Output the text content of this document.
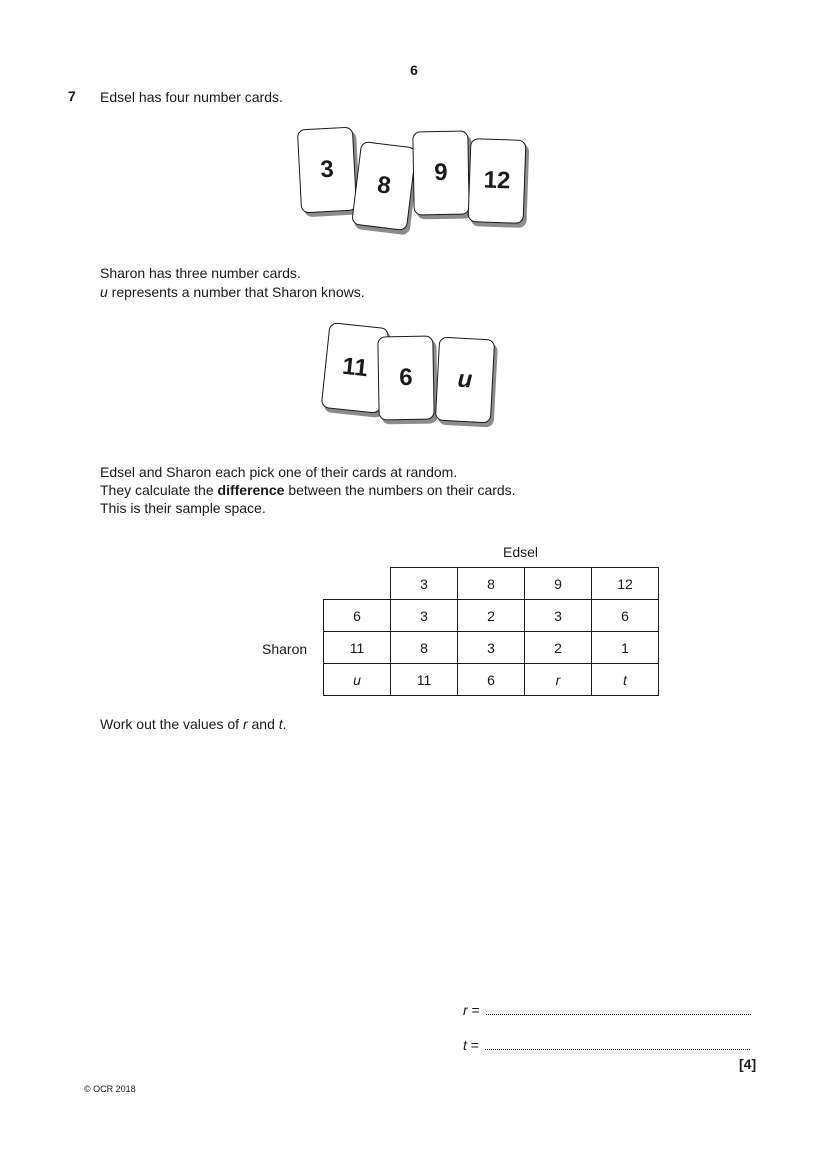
6
7 Edsel has four number cards.
3
8 9 12
Sharon has three number cards.
u represents a number that Sharon knows.
11 6 u
Edsel and Sharon each pick one of their cards at random.
They calculate the difference between the numbers on their cards.
This is their sample space.
Edsel
Sharon
	3	8	9	12
6	3	2	3	6
11	8	3	2	1
u	11	6	r	t
Work out the values of r and t.
r =
t =
[4]
© OCR 2018
